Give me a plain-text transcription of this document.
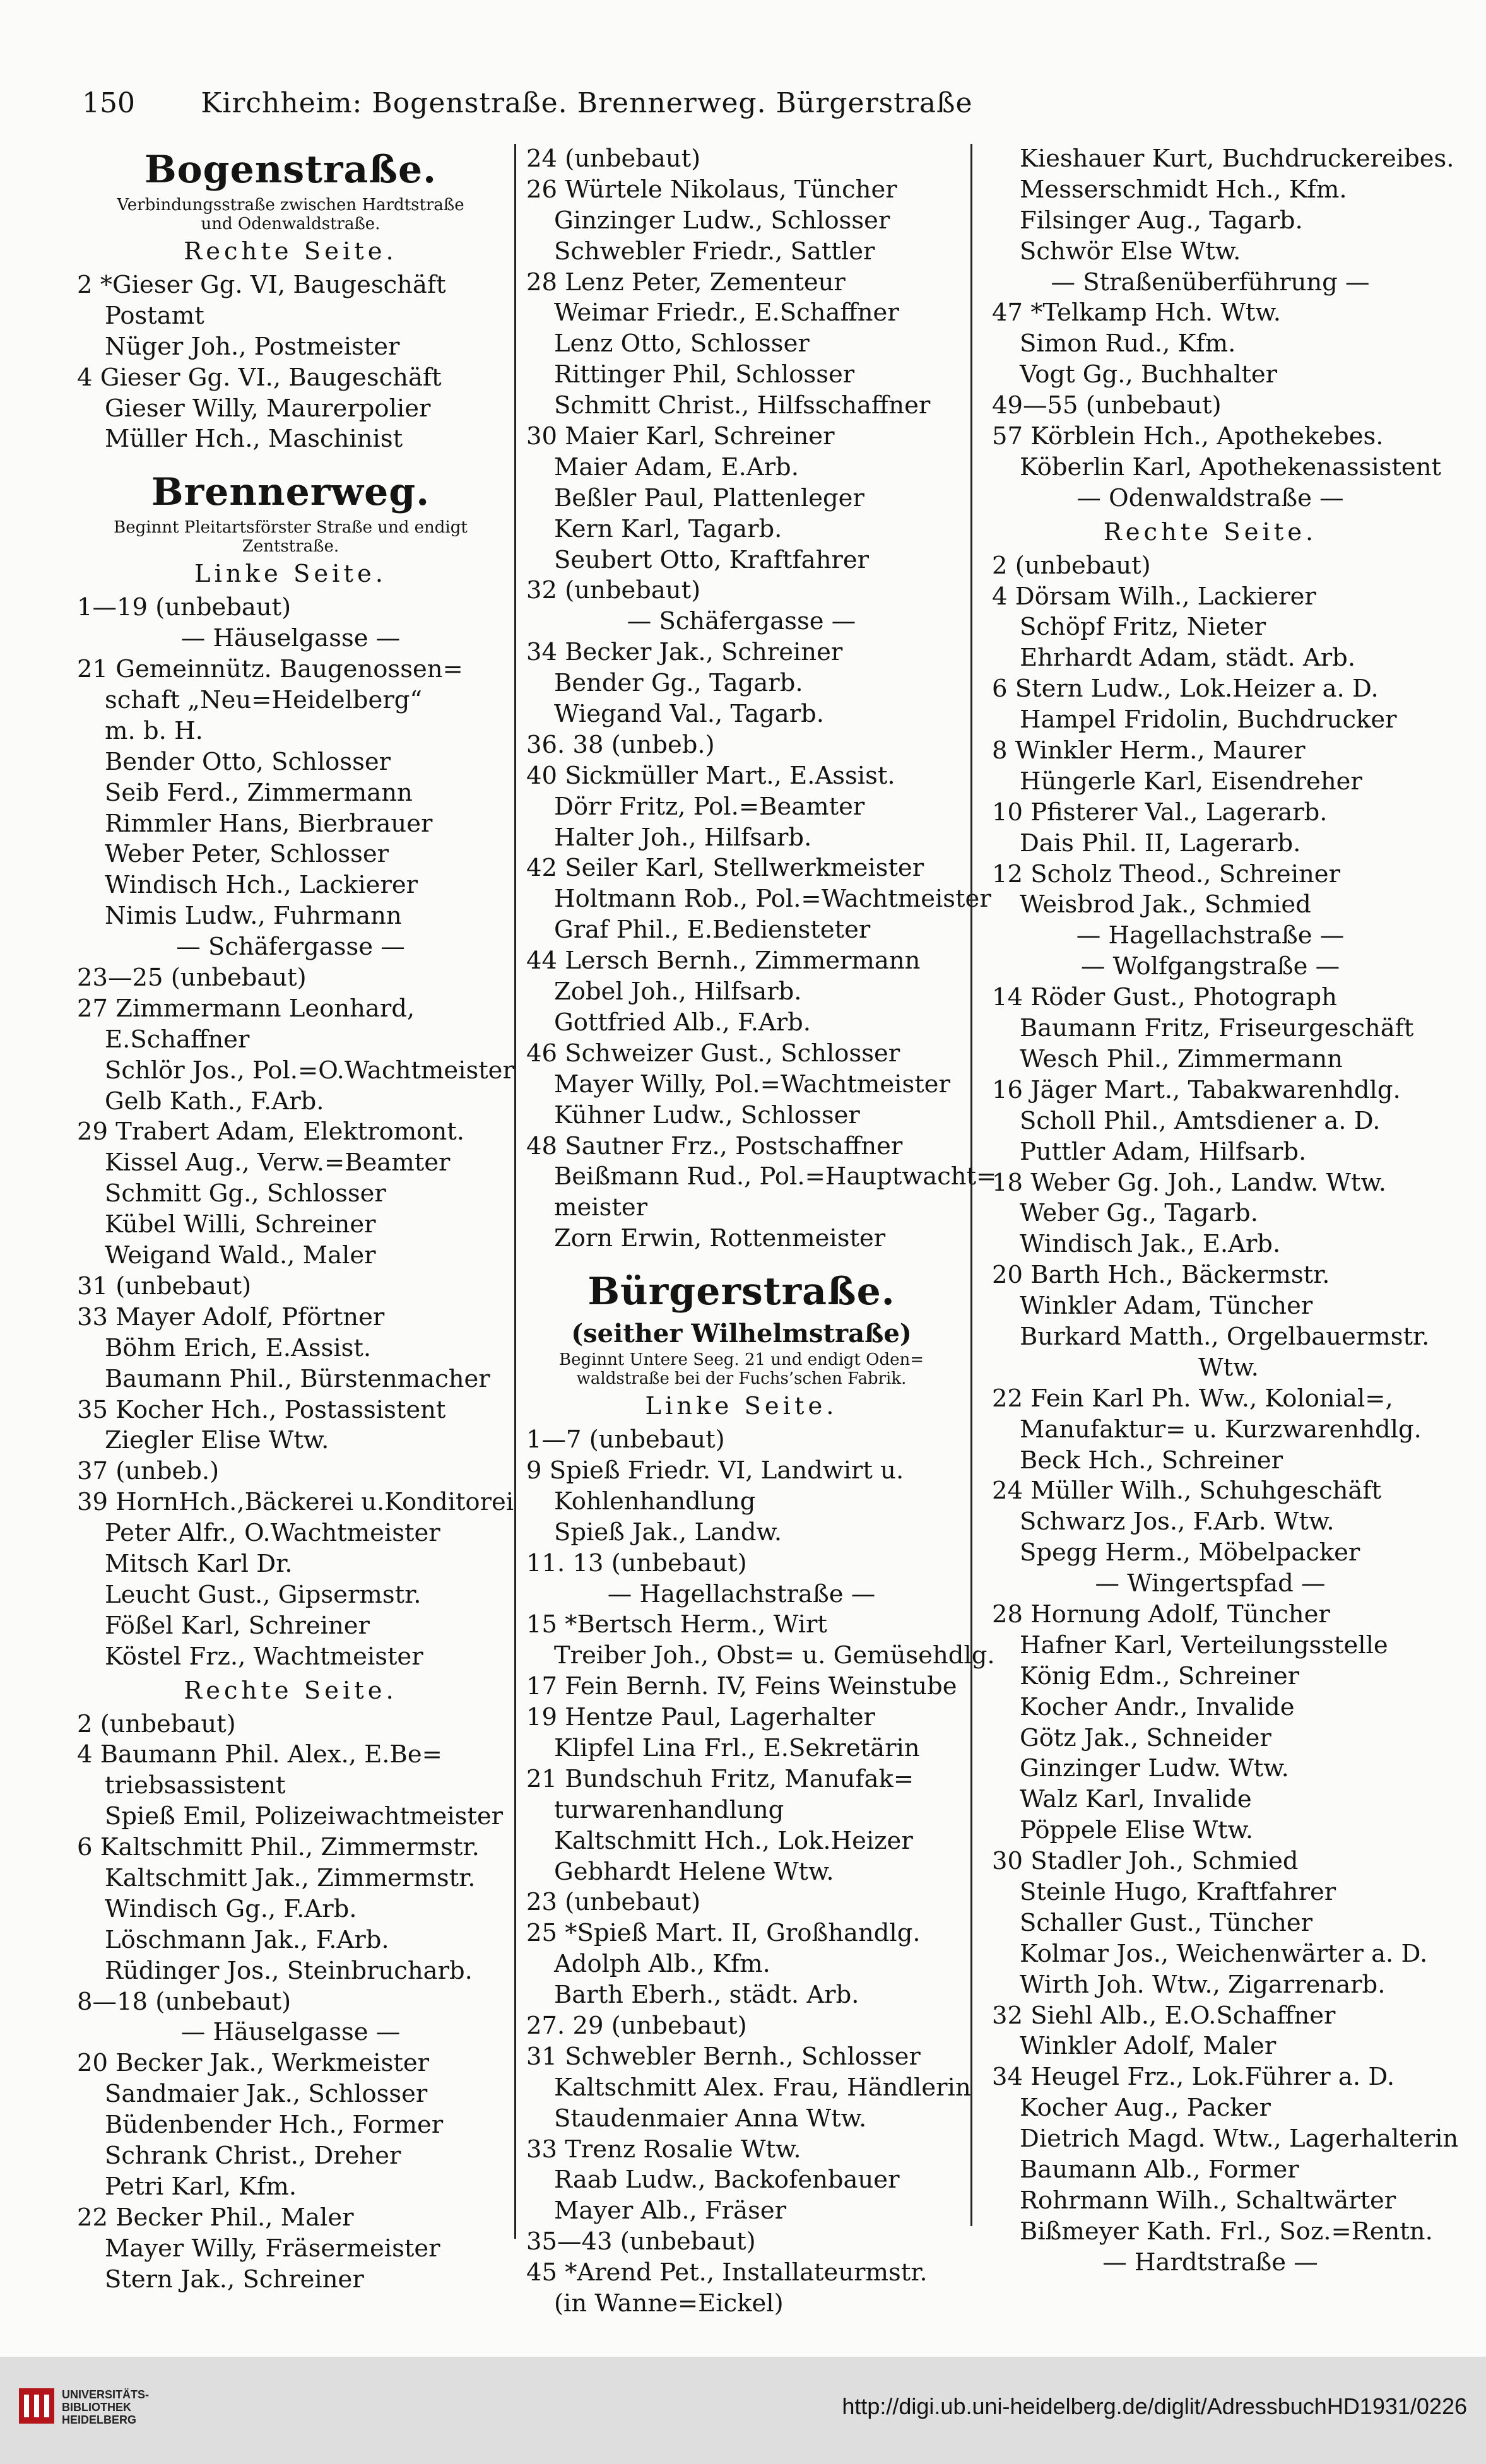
150	Kirchheim: Bogenstraße. Brennerweg. Bürgerstraße
Bogenstraße.
Verbindungsstraße zwischen Hardtstraße
und Odenwaldstraße.
Rechte Seite.
2 *Gieser Gg. VI, Baugeschäft
Postamt
Nüger Joh., Postmeister
4 Gieser Gg. VI., Baugeschäft
Gieser Willy, Maurerpolier
Müller Hch., Maschinist
Brennerweg.
Beginnt Pleitartsförster Straße und endigt
Zentstraße.
Linke Seite.
1—19 (unbebaut)
— Häuselgasse —
21 Gemeinnütz. Baugenossen=
schaft „Neu=Heidelberg“
m. b. H.
Bender Otto, Schlosser
Seib Ferd., Zimmermann
Rimmler Hans, Bierbrauer
Weber Peter, Schlosser
Windisch Hch., Lackierer
Nimis Ludw., Fuhrmann
— Schäfergasse —
23—25 (unbebaut)
27 Zimmermann Leonhard,
E.Schaffner
Schlör Jos., Pol.=O.Wachtmeister
Gelb Kath., F.Arb.
29 Trabert Adam, Elektromont.
Kissel Aug., Verw.=Beamter
Schmitt Gg., Schlosser
Kübel Willi, Schreiner
Weigand Wald., Maler
31 (unbebaut)
33 Mayer Adolf, Pförtner
Böhm Erich, E.Assist.
Baumann Phil., Bürstenmacher
35 Kocher Hch., Postassistent
Ziegler Elise Wtw.
37 (unbeb.)
39 HornHch.,Bäckerei u.Konditorei
Peter Alfr., O.Wachtmeister
Mitsch Karl Dr.
Leucht Gust., Gipsermstr.
Fößel Karl, Schreiner
Köstel Frz., Wachtmeister
Rechte Seite.
2 (unbebaut)
4 Baumann Phil. Alex., E.Be=
triebsassistent
Spieß Emil, Polizeiwachtmeister
6 Kaltschmitt Phil., Zimmermstr.
Kaltschmitt Jak., Zimmermstr.
Windisch Gg., F.Arb.
Löschmann Jak., F.Arb.
Rüdinger Jos., Steinbrucharb.
8—18 (unbebaut)
— Häuselgasse —
20 Becker Jak., Werkmeister
Sandmaier Jak., Schlosser
Büdenbender Hch., Former
Schrank Christ., Dreher
Petri Karl, Kfm.
22 Becker Phil., Maler
Mayer Willy, Fräsermeister
Stern Jak., Schreiner
24 (unbebaut)
26 Würtele Nikolaus, Tüncher
Ginzinger Ludw., Schlosser
Schwebler Friedr., Sattler
28 Lenz Peter, Zementeur
Weimar Friedr., E.Schaffner
Lenz Otto, Schlosser
Rittinger Phil, Schlosser
Schmitt Christ., Hilfsschaffner
30 Maier Karl, Schreiner
Maier Adam, E.Arb.
Beßler Paul, Plattenleger
Kern Karl, Tagarb.
Seubert Otto, Kraftfahrer
32 (unbebaut)
— Schäfergasse —
34 Becker Jak., Schreiner
Bender Gg., Tagarb.
Wiegand Val., Tagarb.
36. 38 (unbeb.)
40 Sickmüller Mart., E.Assist.
Dörr Fritz, Pol.=Beamter
Halter Joh., Hilfsarb.
42 Seiler Karl, Stellwerkmeister
Holtmann Rob., Pol.=Wachtmeister
Graf Phil., E.Bediensteter
44 Lersch Bernh., Zimmermann
Zobel Joh., Hilfsarb.
Gottfried Alb., F.Arb.
46 Schweizer Gust., Schlosser
Mayer Willy, Pol.=Wachtmeister
Kühner Ludw., Schlosser
48 Sautner Frz., Postschaffner
Beißmann Rud., Pol.=Hauptwacht=
meister
Zorn Erwin, Rottenmeister
Bürgerstraße.
(seither Wilhelmstraße)
Beginnt Untere Seeg. 21 und endigt Oden=
waldstraße bei der Fuchs’schen Fabrik.
Linke Seite.
1—7 (unbebaut)
9 Spieß Friedr. VI, Landwirt u.
Kohlenhandlung
Spieß Jak., Landw.
11. 13 (unbebaut)
— Hagellachstraße —
15 *Bertsch Herm., Wirt
Treiber Joh., Obst= u. Gemüsehdlg.
17 Fein Bernh. IV, Feins Weinstube
19 Hentze Paul, Lagerhalter
Klipfel Lina Frl., E.Sekretärin
21 Bundschuh Fritz, Manufak=
turwarenhandlung
Kaltschmitt Hch., Lok.Heizer
Gebhardt Helene Wtw.
23 (unbebaut)
25 *Spieß Mart. II, Großhandlg.
Adolph Alb., Kfm.
Barth Eberh., städt. Arb.
27. 29 (unbebaut)
31 Schwebler Bernh., Schlosser
Kaltschmitt Alex. Frau, Händlerin
Staudenmaier Anna Wtw.
33 Trenz Rosalie Wtw.
Raab Ludw., Backofenbauer
Mayer Alb., Fräser
35—43 (unbebaut)
45 *Arend Pet., Installateurmstr.
(in Wanne=Eickel)
Kieshauer Kurt, Buchdruckereibes.
Messerschmidt Hch., Kfm.
Filsinger Aug., Tagarb.
Schwör Else Wtw.
— Straßenüberführung —
47 *Telkamp Hch. Wtw.
Simon Rud., Kfm.
Vogt Gg., Buchhalter
49—55 (unbebaut)
57 Körblein Hch., Apothekebes.
Köberlin Karl, Apothekenassistent
— Odenwaldstraße —
Rechte Seite.
2 (unbebaut)
4 Dörsam Wilh., Lackierer
Schöpf Fritz, Nieter
Ehrhardt Adam, städt. Arb.
6 Stern Ludw., Lok.Heizer a. D.
Hampel Fridolin, Buchdrucker
8 Winkler Herm., Maurer
Hüngerle Karl, Eisendreher
10 Pfisterer Val., Lagerarb.
Dais Phil. II, Lagerarb.
12 Scholz Theod., Schreiner
Weisbrod Jak., Schmied
— Hagellachstraße —
— Wolfgangstraße —
14 Röder Gust., Photograph
Baumann Fritz, Friseurgeschäft
Wesch Phil., Zimmermann
16 Jäger Mart., Tabakwarenhdlg.
Scholl Phil., Amtsdiener a. D.
Puttler Adam, Hilfsarb.
18 Weber Gg. Joh., Landw. Wtw.
Weber Gg., Tagarb.
Windisch Jak., E.Arb.
20 Barth Hch., Bäckermstr.
Winkler Adam, Tüncher
Burkard Matth., Orgelbauermstr.
Wtw.
22 Fein Karl Ph. Ww., Kolonial=,
Manufaktur= u. Kurzwarenhdlg.
Beck Hch., Schreiner
24 Müller Wilh., Schuhgeschäft
Schwarz Jos., F.Arb. Wtw.
Spegg Herm., Möbelpacker
— Wingertspfad —
28 Hornung Adolf, Tüncher
Hafner Karl, Verteilungsstelle
König Edm., Schreiner
Kocher Andr., Invalide
Götz Jak., Schneider
Ginzinger Ludw. Wtw.
Walz Karl, Invalide
Pöppele Elise Wtw.
30 Stadler Joh., Schmied
Steinle Hugo, Kraftfahrer
Schaller Gust., Tüncher
Kolmar Jos., Weichenwärter a. D.
Wirth Joh. Wtw., Zigarrenarb.
32 Siehl Alb., E.O.Schaffner
Winkler Adolf, Maler
34 Heugel Frz., Lok.Führer a. D.
Kocher Aug., Packer
Dietrich Magd. Wtw., Lagerhalterin
Baumann Alb., Former
Rohrmann Wilh., Schaltwärter
Bißmeyer Kath. Frl., Soz.=Rentn.
— Hardtstraße —
UNIVERSITÄTS-
BIBLIOTHEK
HEIDELBERG
http://digi.ub.uni-heidelberg.de/diglit/AdressbuchHD1931/0226
